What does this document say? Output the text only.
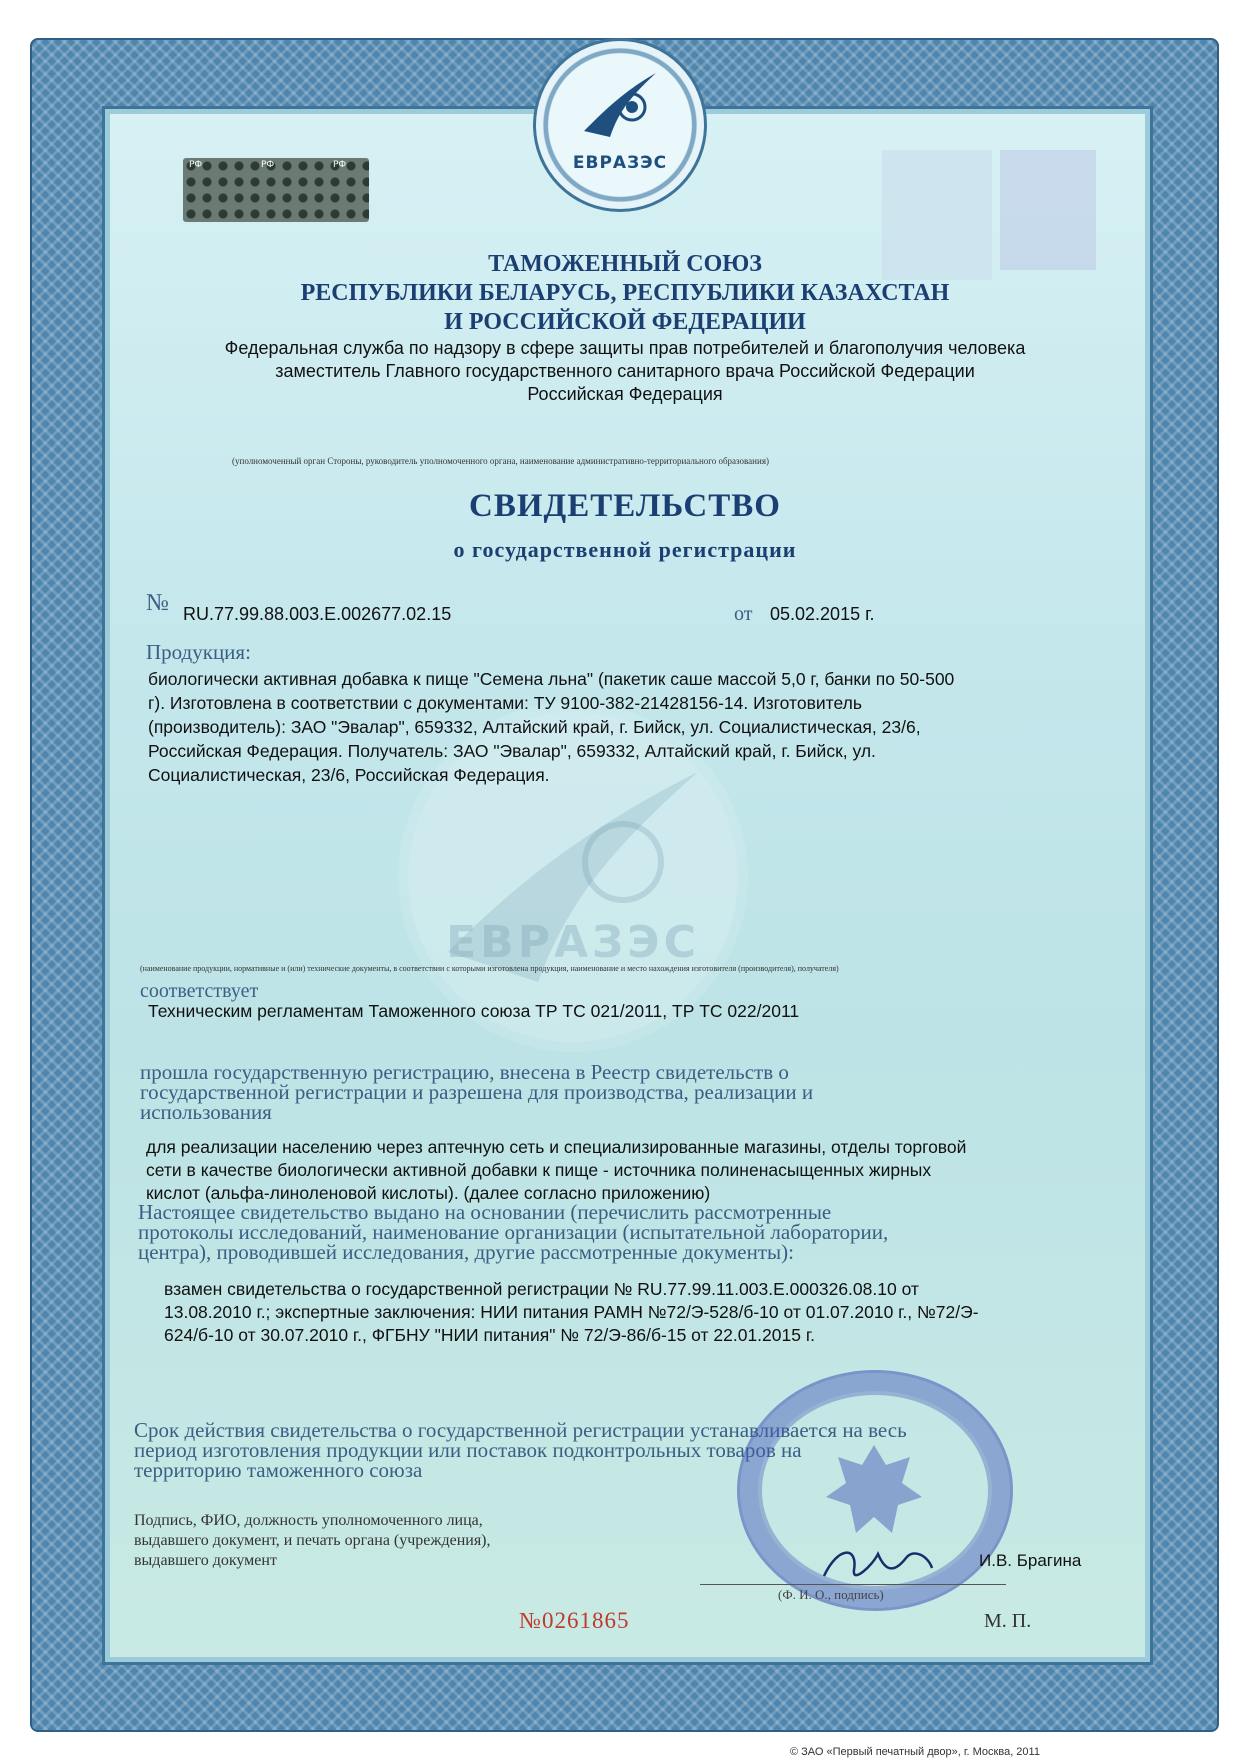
ЕВРАЗЭС
РФ	РФ	РФ
ТАМОЖЕННЫЙ СОЮЗ
РЕСПУБЛИКИ БЕЛАРУСЬ, РЕСПУБЛИКИ КАЗАХСТАН
И РОССИЙСКОЙ ФЕДЕРАЦИИ
Федеральная служба по надзору в сфере защиты прав потребителей и благополучия человека
заместитель Главного государственного санитарного врача Российской Федерации
Российская Федерация
(уполномоченный орган Стороны, руководитель уполномоченного органа, наименование административно-территориального образования)
СВИДЕТЕЛЬСТВО
о государственной регистрации
№ RU.77.99.88.003.Е.002677.02.15	от 05.02.2015 г.
ЕВРАЗЭС
Продукция:
биологически активная добавка к пище "Семена льна" (пакетик саше массой 5,0 г, банки по 50-500
г). Изготовлена в соответствии с документами: ТУ 9100-382-21428156-14. Изготовитель
(производитель): ЗАО "Эвалар", 659332, Алтайский край, г. Бийск, ул. Социалистическая, 23/6,
Российская Федерация. Получатель: ЗАО "Эвалар", 659332, Алтайский край, г. Бийск, ул.
Социалистическая, 23/6, Российская Федерация.
(наименование продукции, нормативные и (или) технические документы, в соответствии с которыми изготовлена продукция, наименование и место нахождения изготовителя (производителя), получателя)
соответствует
Техническим регламентам Таможенного союза ТР ТС 021/2011, ТР ТС 022/2011
прошла государственную регистрацию, внесена в Реестр свидетельств о
государственной регистрации и разрешена для производства, реализации и
использования
для реализации населению через аптечную сеть и специализированные магазины, отделы торговой
сети в качестве биологически активной добавки к пище - источника полиненасыщенных жирных
кислот (альфа-линоленовой кислоты). (далее согласно приложению)
Настоящее свидетельство выдано на основании (перечислить рассмотренные
протоколы исследований, наименование организации (испытательной лаборатории,
центра), проводившей исследования, другие рассмотренные документы):
взамен свидетельства о государственной регистрации № RU.77.99.11.003.Е.000326.08.10 от
13.08.2010 г.; экспертные заключения: НИИ питания РАМН №72/Э-528/б-10 от 01.07.2010 г., №72/Э-
624/б-10 от 30.07.2010 г., ФГБНУ "НИИ питания" № 72/Э-86/б-15 от 22.01.2015 г.
Срок действия свидетельства о государственной регистрации устанавливается на весь
период изготовления продукции или поставок подконтрольных товаров на
территорию таможенного союза
Подпись, ФИО, должность уполномоченного лица,
выдавшего документ, и печать органа (учреждения),
выдавшего документ	И.В. Брагина
(Ф. И. О., подпись)
М. П.
№0261865
© ЗАО «Первый печатный двор», г. Москва, 2011
